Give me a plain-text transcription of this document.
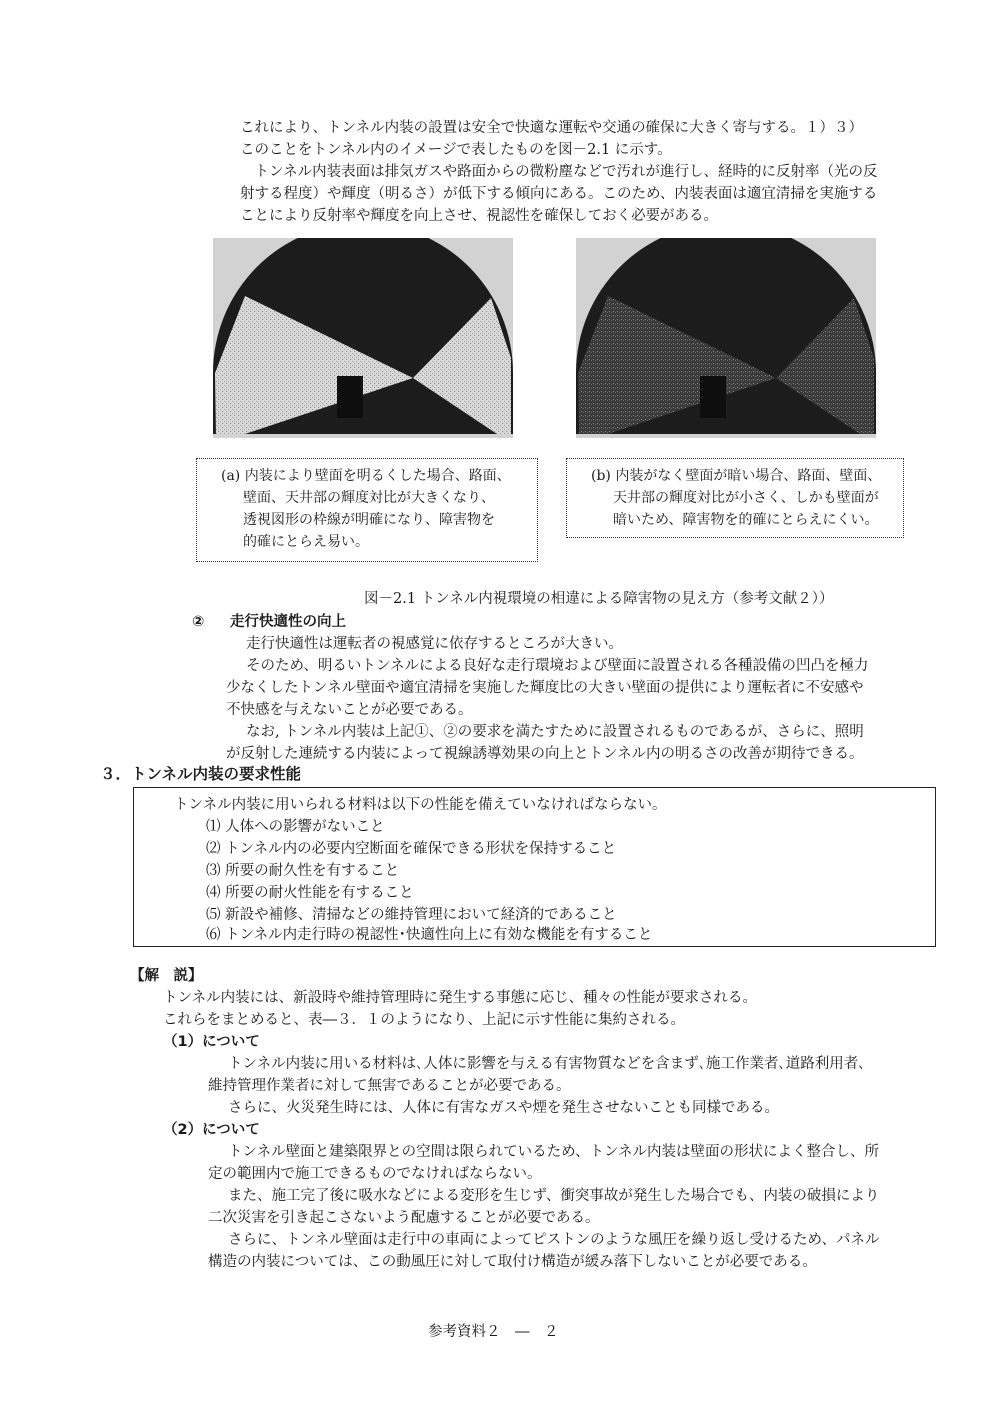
これにより、トンネル内装の設置は安全で快適な運転や交通の確保に大きく寄与する。１）３）
このことをトンネル内のイメージで表したものを図－2.1 に示す。
　トンネル内装表面は排気ガスや路面からの微粉塵などで汚れが進行し、経時的に反射率（光の反
射する程度）や輝度（明るさ）が低下する傾向にある。このため、内装表面は適宜清掃を実施する
ことにより反射率や輝度を向上させ、視認性を確保しておく必要がある。
(a) 内装により壁面を明るくした場合、路面、
壁面、天井部の輝度対比が大きくなり、
透視図形の枠線が明確になり、障害物を
的確にとらえ易い。
(b) 内装がなく壁面が暗い場合、路面、壁面、
天井部の輝度対比が小さく、しかも壁面が
暗いため、障害物を的確にとらえにくい。
図－2.1 トンネル内視環境の相違による障害物の見え方（参考文献２））
② 走行快適性の向上
走行快適性は運転者の視感覚に依存するところが大きい。
そのため、明るいトンネルによる良好な走行環境および壁面に設置される各種設備の凹凸を極力
少なくしたトンネル壁面や適宜清掃を実施した輝度比の大きい壁面の提供により運転者に不安感や
不快感を与えないことが必要である。
なお, トンネル内装は上記①、②の要求を満たすために設置されるものであるが、さらに、照明
が反射した連続する内装によって視線誘導効果の向上とトンネル内の明るさの改善が期待できる。
３．トンネル内装の要求性能
トンネル内装に用いられる材料は以下の性能を備えていなければならない。
⑴ 人体への影響がないこと
⑵ トンネル内の必要内空断面を確保できる形状を保持すること
⑶ 所要の耐久性を有すること
⑷ 所要の耐火性能を有すること
⑸ 新設や補修、清掃などの維持管理において経済的であること
⑹ トンネル内走行時の視認性･快適性向上に有効な機能を有すること
【解　説】
トンネル内装には、新設時や維持管理時に発生する事態に応じ、種々の性能が要求される。
これらをまとめると、表―３．１のようになり、上記に示す性能に集約される。
（1）について
トンネル内装に用いる材料は､人体に影響を与える有害物質などを含まず､施工作業者､道路利用者､
維持管理作業者に対して無害であることが必要である。
さらに、火災発生時には、人体に有害なガスや煙を発生させないことも同様である。
（2）について
トンネル壁面と建築限界との空間は限られているため、トンネル内装は壁面の形状によく整合し、所
定の範囲内で施工できるものでなければならない。
また、施工完了後に吸水などによる変形を生じず、衝突事故が発生した場合でも、内装の破損により
二次災害を引き起こさないよう配慮することが必要である。
さらに、トンネル壁面は走行中の車両によってピストンのような風圧を繰り返し受けるため、パネル
構造の内装については、この動風圧に対して取付け構造が緩み落下しないことが必要である。
参考資料２　―　２
